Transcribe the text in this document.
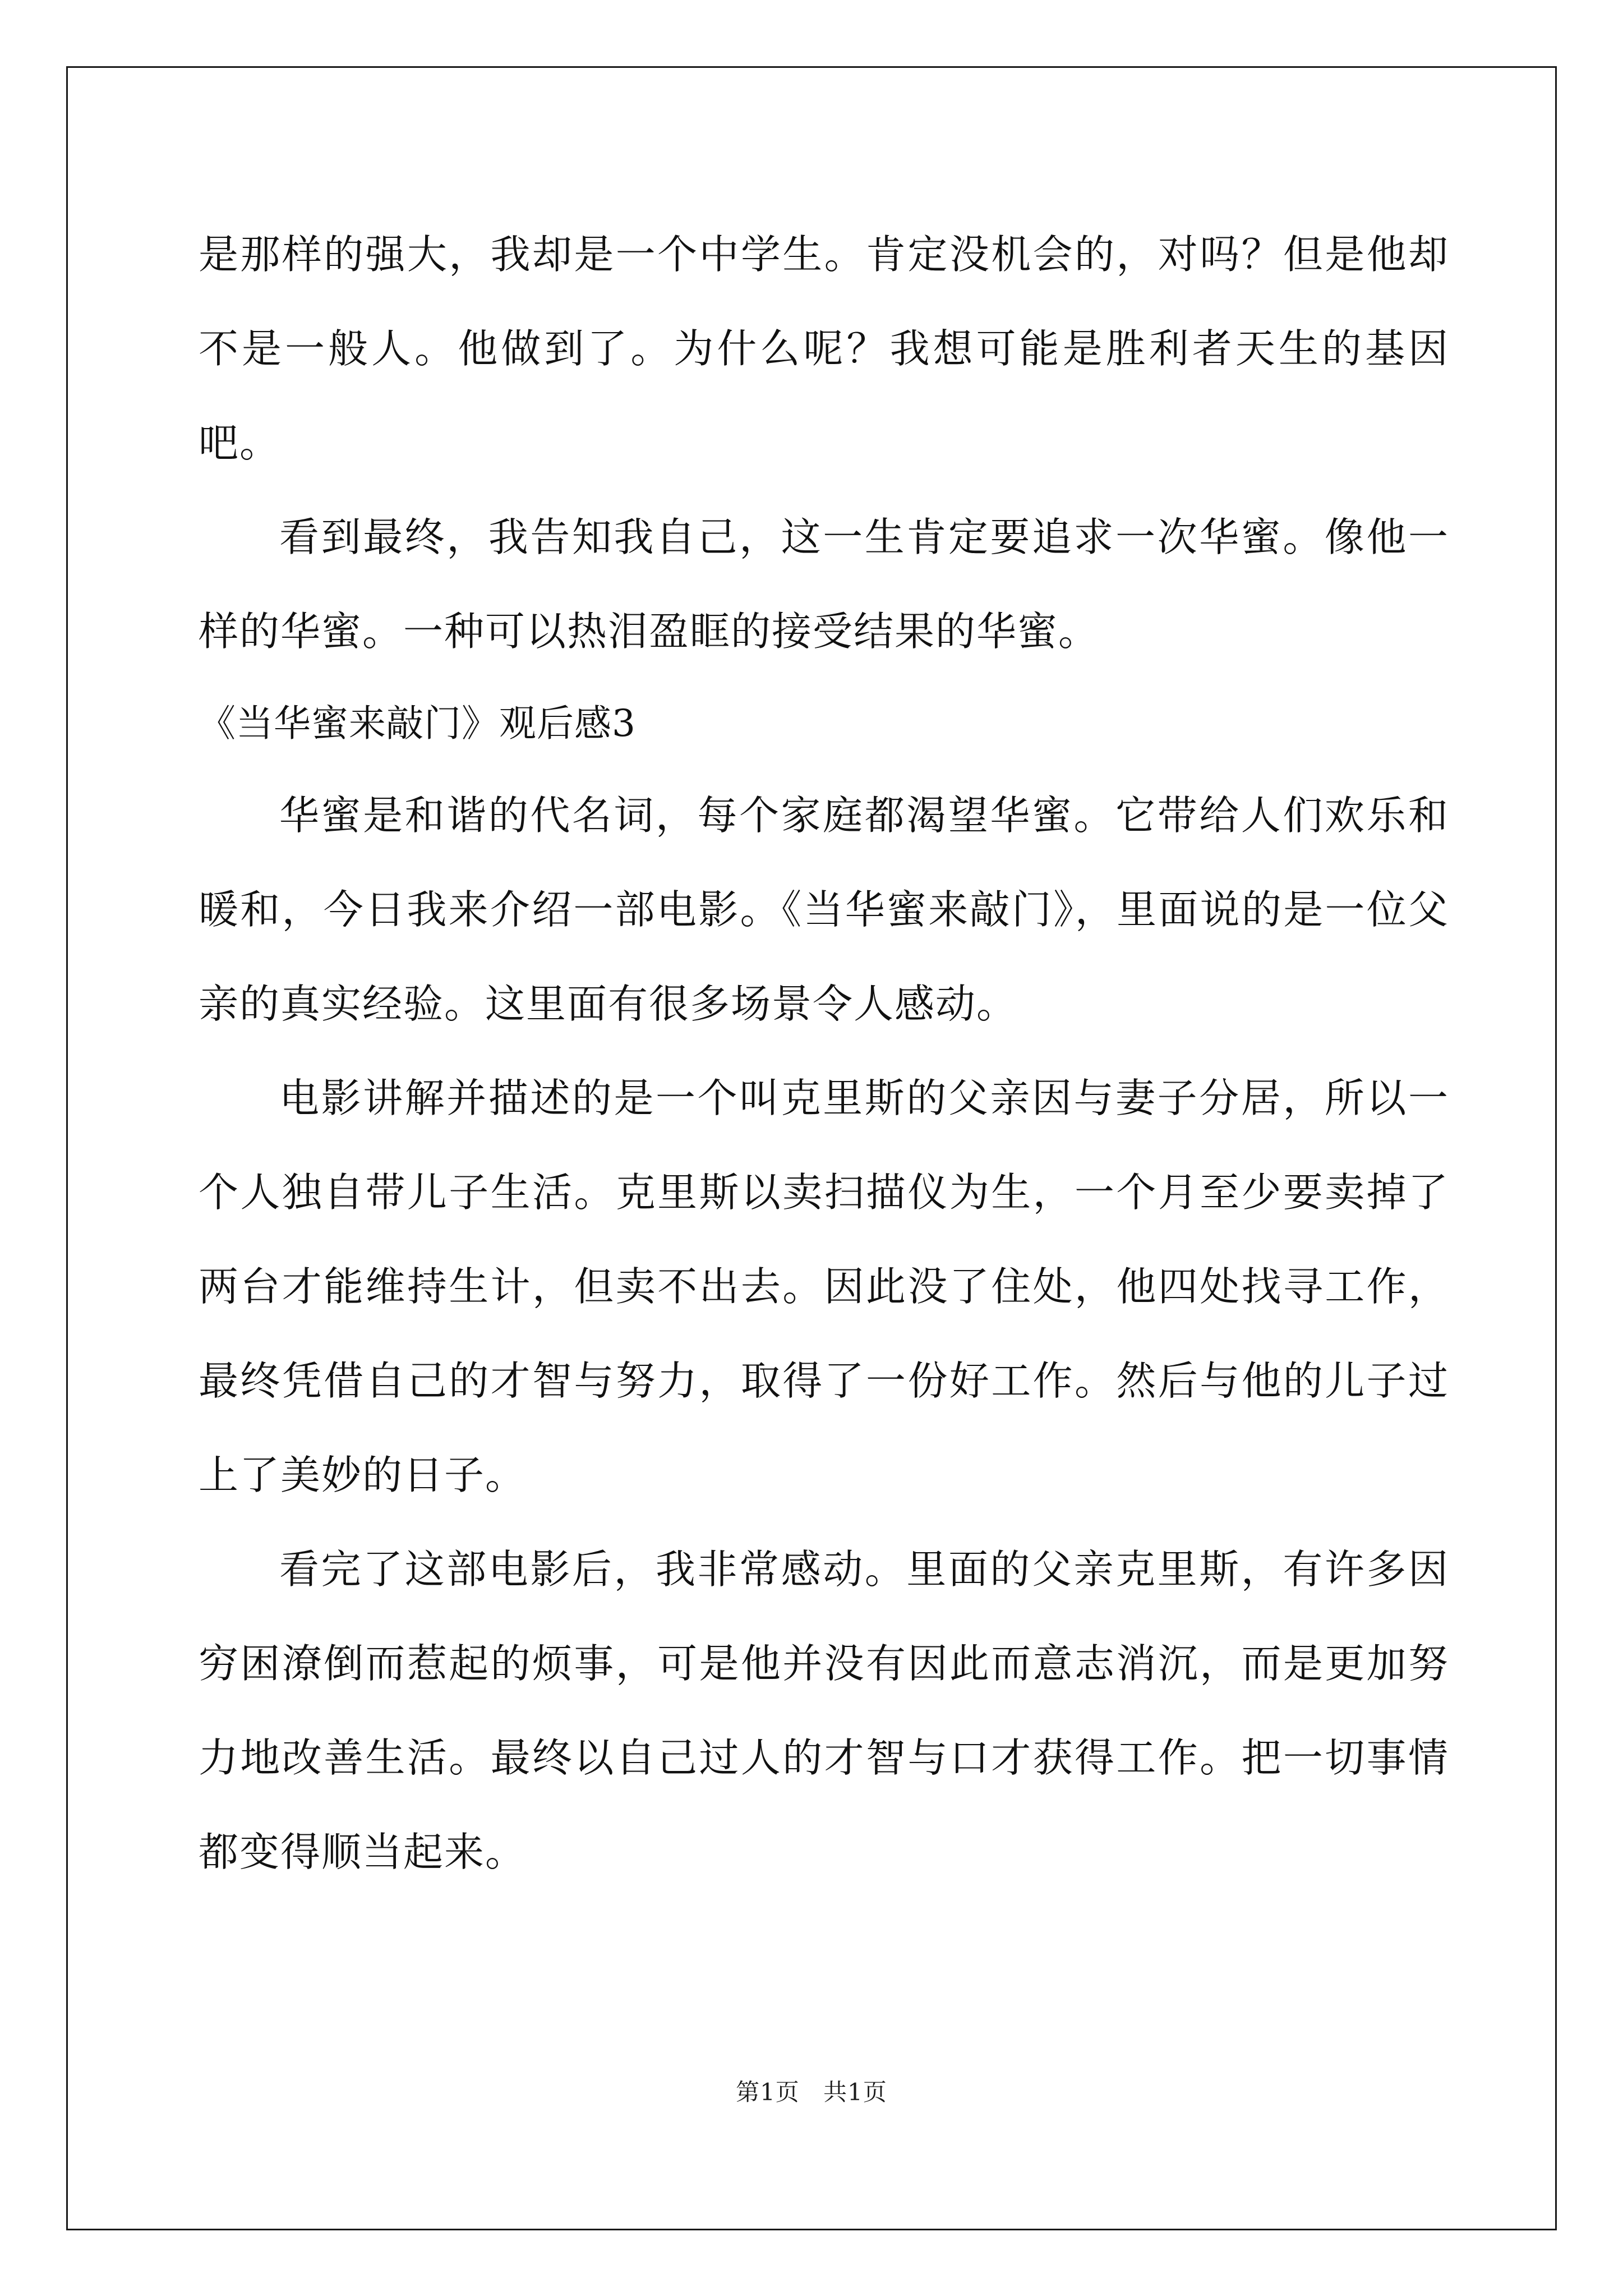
是那样的强大，我却是一个中学生。肯定没机会的，对吗？但是他却不是一般人。他做到了。为什么呢？我想可能是胜利者天生的基因吧。

看到最终，我告知我自己，这一生肯定要追求一次华蜜。像他一样的华蜜。一种可以热泪盈眶的接受结果的华蜜。

《当华蜜来敲门》观后感3

华蜜是和谐的代名词，每个家庭都渴望华蜜。它带给人们欢乐和暖和，今日我来介绍一部电影。《当华蜜来敲门》，里面说的是一位父亲的真实经验。这里面有很多场景令人感动。

电影讲解并描述的是一个叫克里斯的父亲因与妻子分居，所以一个人独自带儿子生活。克里斯以卖扫描仪为生，一个月至少要卖掉了两台才能维持生计，但卖不出去。因此没了住处，他四处找寻工作，最终凭借自己的才智与努力，取得了一份好工作。然后与他的儿子过上了美妙的日子。

看完了这部电影后，我非常感动。里面的父亲克里斯，有许多因穷困潦倒而惹起的烦事，可是他并没有因此而意志消沉，而是更加努力地改善生活。最终以自己过人的才智与口才获得工作。把一切事情都变得顺当起来。

第1页 共1页
